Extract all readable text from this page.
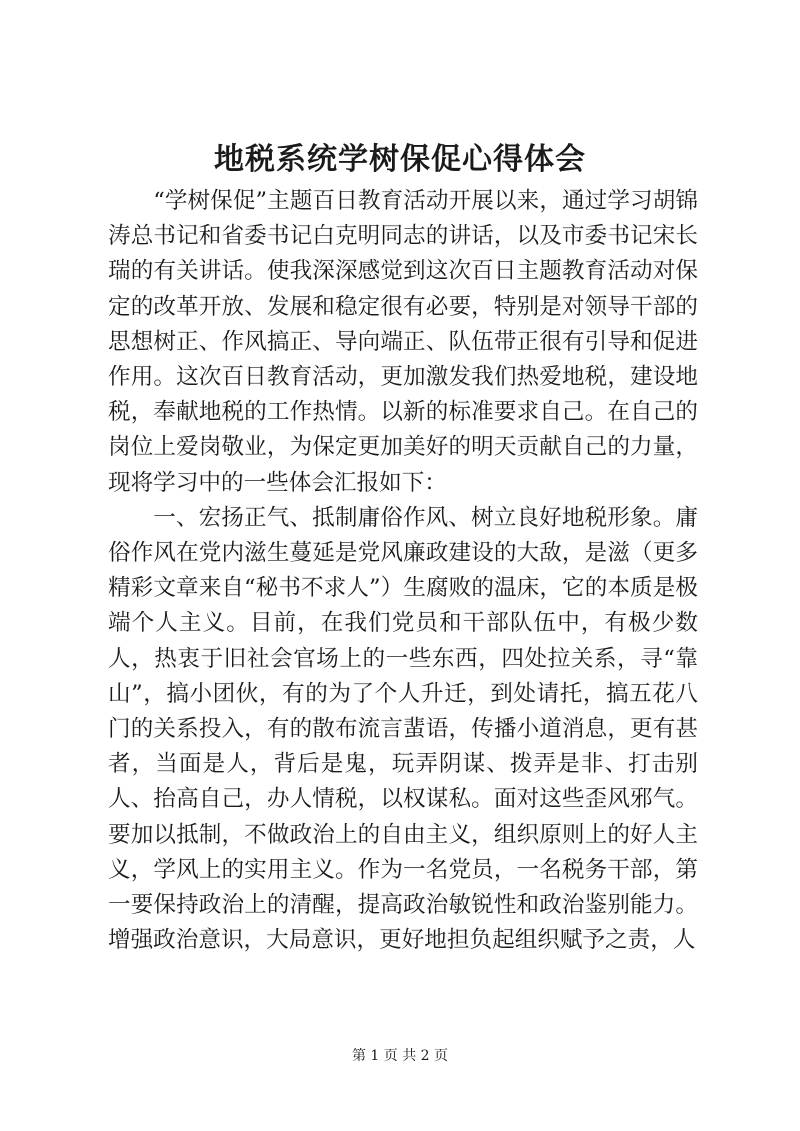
地税系统学树保促心得体会

“学树保促”主题百日教育活动开展以来，通过学习胡锦涛总书记和省委书记白克明同志的讲话，以及市委书记宋长瑞的有关讲话。使我深深感觉到这次百日主题教育活动对保定的改革开放、发展和稳定很有必要，特别是对领导干部的思想树正、作风搞正、导向端正、队伍带正很有引导和促进作用。这次百日教育活动，更加激发我们热爱地税，建设地税，奉献地税的工作热情。以新的标准要求自己。在自己的岗位上爱岗敬业，为保定更加美好的明天贡献自己的力量，现将学习中的一些体会汇报如下：

一、宏扬正气、抵制庸俗作风、树立良好地税形象。庸俗作风在党内滋生蔓延是党风廉政建设的大敌，是滋（更多精彩文章来自“秘书不求人”）生腐败的温床，它的本质是极端个人主义。目前，在我们党员和干部队伍中，有极少数人，热衷于旧社会官场上的一些东西，四处拉关系，寻“靠山”，搞小团伙，有的为了个人升迁，到处请托，搞五花八门的关系投入，有的散布流言蜚语，传播小道消息，更有甚者，当面是人，背后是鬼，玩弄阴谋、拨弄是非、打击别人、抬高自己，办人情税，以权谋私。面对这些歪风邪气。要加以抵制，不做政治上的自由主义，组织原则上的好人主义，学风上的实用主义。作为一名党员，一名税务干部，第一要保持政治上的清醒，提高政治敏锐性和政治鉴别能力。增强政治意识，大局意识，更好地担负起组织赋予之责，人

第 1 页 共 2 页
